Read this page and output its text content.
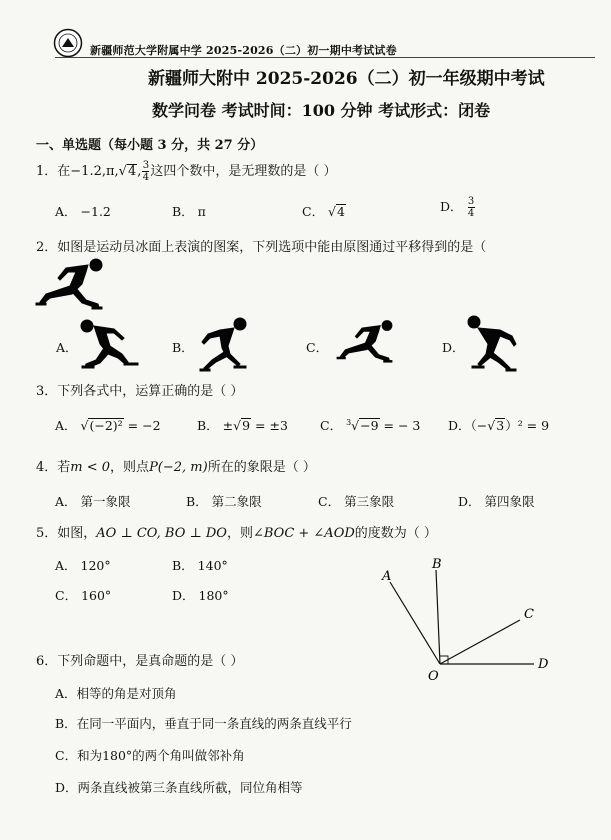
新疆师范大学附属中学 2025-2026（二）初一期中考试试卷
新疆师大附中 2025-2026（二）初一年级期中考试
数学问卷 考试时间：100 分钟 考试形式：闭卷
一、单选题（每小题 3 分，共 27 分）
1．在−1.2,π,√4, $\frac{3}{4}$ 这四个数中，是无理数的是（ ）
A． −1.2	B． π	C． √4	D． $\frac{3}{4}$
2．如图是运动员冰面上表演的图案，下列选项中能由原图通过平移得到的是（
A．	B．	C．	D．
3．下列各式中，运算正确的是（ ）
A． √(−2)² = −2	B． ±√9 = ±3	C． $^3$√−9 = − 3 D．（−√3）² = 9
4．若m < 0，则点P(−2, m)所在的象限是（ ）
A． 第一象限	B． 第二象限	C． 第三象限	D． 第四象限
5．如图，AO ⊥ CO, BO ⊥ DO，则∠BOC + ∠AOD的度数为（ ）
A． 120°	B． 140°
C． 160°	D． 180°
A
B
C
D
O
6．下列命题中，是真命题的是（ ）
A．相等的角是对顶角
B．在同一平面内，垂直于同一条直线的两条直线平行
C．和为180°的两个角叫做邻补角
D．两条直线被第三条直线所截，同位角相等
